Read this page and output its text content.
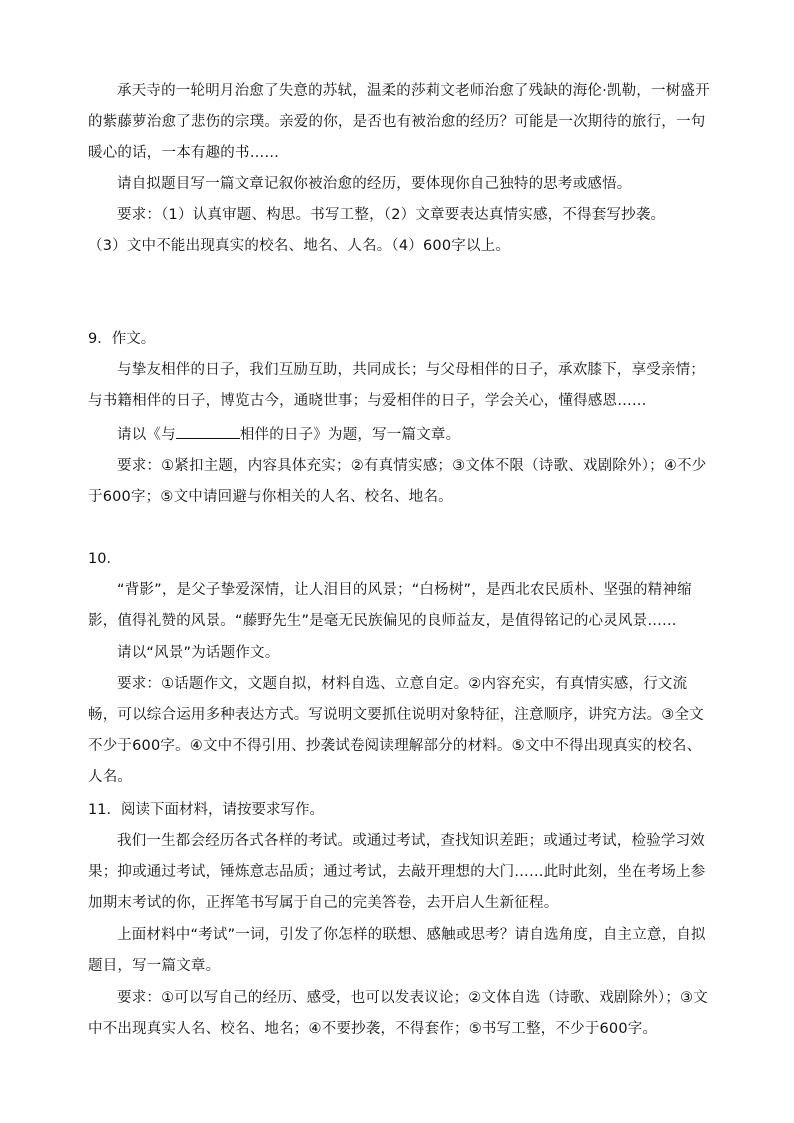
承天寺的一轮明月治愈了失意的苏轼，温柔的莎莉文老师治愈了残缺的海伦·凯勒，一树盛开的紫藤萝治愈了悲伤的宗璞。亲爱的你，是否也有被治愈的经历？可能是一次期待的旅行，一句暖心的话，一本有趣的书……

请自拟题目写一篇文章记叙你被治愈的经历，要体现你自己独特的思考或感悟。

要求：（1）认真审题、构思。书写工整，（2）文章要表达真情实感，不得套写抄袭。

（3）文中不能出现真实的校名、地名、人名。（4）600字以上。

9．作文。

与挚友相伴的日子，我们互励互助，共同成长；与父母相伴的日子，承欢膝下，享受亲情；与书籍相伴的日子，博览古今，通晓世事；与爱相伴的日子，学会关心，懂得感恩……

请以《与	相伴的日子》为题，写一篇文章。

要求：①紧扣主题，内容具体充实；②有真情实感；③文体不限（诗歌、戏剧除外）；④不少于600字；⑤文中请回避与你相关的人名、校名、地名。

10．

“背影”，是父子挚爱深情，让人泪目的风景；“白杨树”，是西北农民质朴、坚强的精神缩影，值得礼赞的风景。“藤野先生”是毫无民族偏见的良师益友，是值得铭记的心灵风景……

请以“风景”为话题作文。

要求：①话题作文，文题自拟，材料自选、立意自定。②内容充实，有真情实感，行文流畅，可以综合运用多种表达方式。写说明文要抓住说明对象特征，注意顺序，讲究方法。③全文不少于600字。④文中不得引用、抄袭试卷阅读理解部分的材料。⑤文中不得出现真实的校名、人名。

11．阅读下面材料，请按要求写作。

我们一生都会经历各式各样的考试。或通过考试，查找知识差距；或通过考试，检验学习效果；抑或通过考试，锤炼意志品质；通过考试，去敲开理想的大门……此时此刻，坐在考场上参加期末考试的你，正挥笔书写属于自己的完美答卷，去开启人生新征程。

上面材料中“考试”一词，引发了你怎样的联想、感触或思考？请自选角度，自主立意，自拟题目，写一篇文章。

要求：①可以写自己的经历、感受，也可以发表议论；②文体自选（诗歌、戏剧除外）；③文中不出现真实人名、校名、地名；④不要抄袭，不得套作；⑤书写工整，不少于600字。
